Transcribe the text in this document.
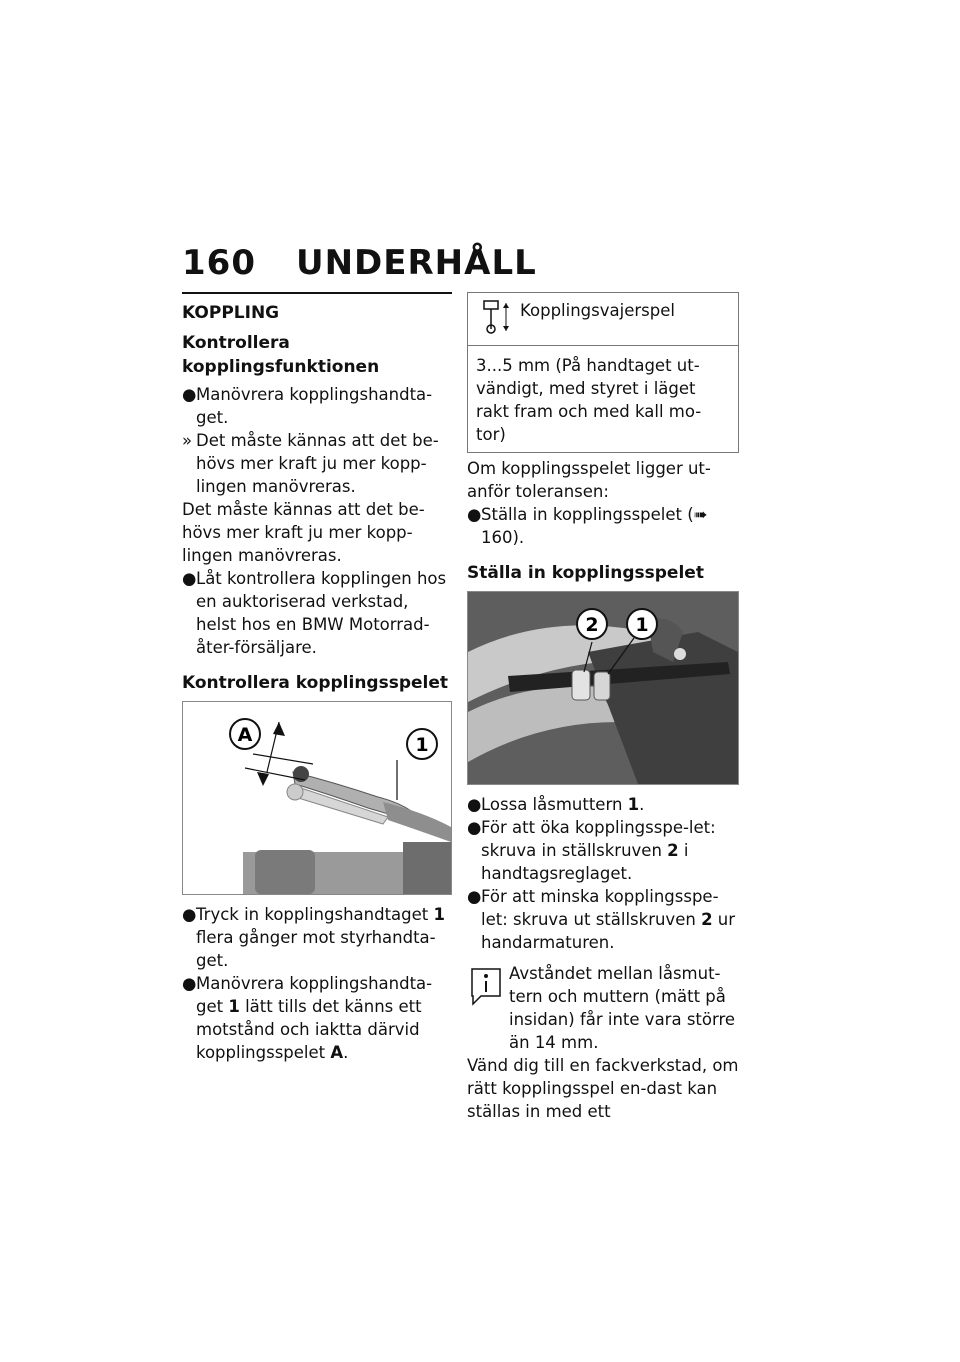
160 UNDERHÅLL
KOPPLING
Kontrollera kopplingsfunktionen
● Manövrera kopplingshandta-get.
» Det måste kännas att det be-hövs mer kraft ju mer kopp-lingen manövreras.

Det måste kännas att det be-hövs mer kraft ju mer kopp-lingen manövreras.

● Låt kontrollera kopplingen hos en auktoriserad verkstad, helst hos en BMW Motorrad-åter-försäljare.
Kontrollera kopplingsspelet
A	1
● Tryck in kopplingshandtaget 1 flera gånger mot styrhandta-get.
● Manövrera kopplingshandta-get 1 lätt tills det känns ett motstånd och iaktta därvid kopplingsspelet A.
Kopplingsvajerspel
3...5 mm (På handtaget ut-vändigt, med styret i läget rakt fram och med kall mo-tor)

Om kopplingsspelet ligger ut-anför toleransen:

● Ställa in kopplingsspelet (➠ 160).
Ställa in kopplingsspelet
2 1
● Lossa låsmuttern 1.
● För att öka kopplingsspe-let: skruva in ställskruven 2 i handtagsreglaget.
● För att minska kopplingsspe-let: skruva ut ställskruven 2 ur handarmaturen.
Avståndet mellan låsmut-tern och muttern (mätt på insidan) får inte vara större än 14 mm.

Vänd dig till en fackverkstad, om rätt kopplingsspel en-dast kan ställas in med ett
